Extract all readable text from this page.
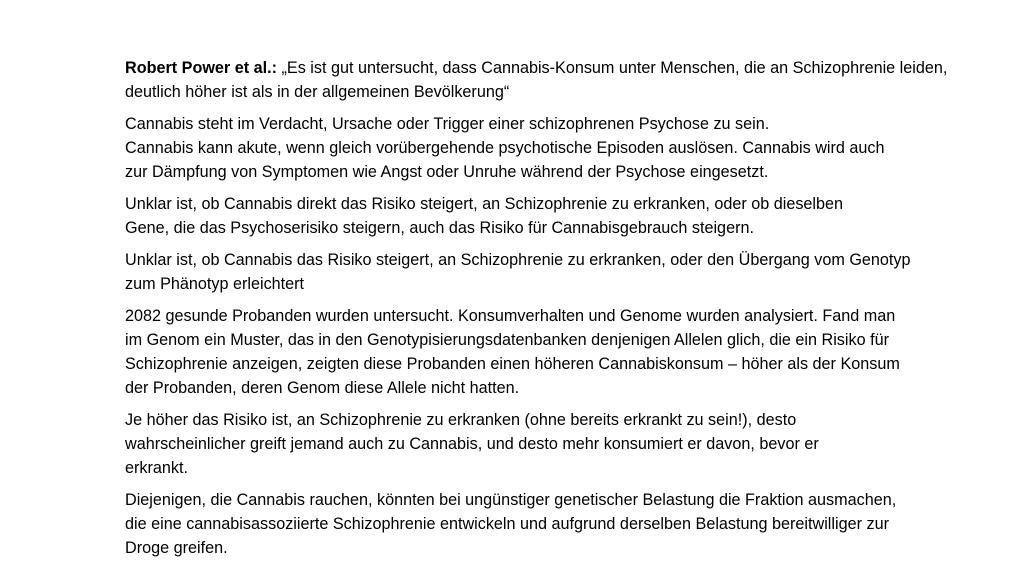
Robert Power et al.: „Es ist gut untersucht, dass Cannabis-Konsum unter Menschen, die an Schizophrenie leiden,
deutlich höher ist als in der allgemeinen Bevölkerung“

Cannabis steht im Verdacht, Ursache oder Trigger einer schizophrenen Psychose zu sein.
Cannabis kann akute, wenn gleich vorübergehende psychotische Episoden auslösen. Cannabis wird auch
zur Dämpfung von Symptomen wie Angst oder Unruhe während der Psychose eingesetzt.

Unklar ist, ob Cannabis direkt das Risiko steigert, an Schizophrenie zu erkranken, oder ob dieselben
Gene, die das Psychoserisiko steigern, auch das Risiko für Cannabisgebrauch steigern.

Unklar ist, ob Cannabis das Risiko steigert, an Schizophrenie zu erkranken, oder den Übergang vom Genotyp
zum Phänotyp erleichtert

2082 gesunde Probanden wurden untersucht. Konsumverhalten und Genome wurden analysiert. Fand man
im Genom ein Muster, das in den Genotypisierungsdatenbanken denjenigen Allelen glich, die ein Risiko für
Schizophrenie anzeigen, zeigten diese Probanden einen höheren Cannabiskonsum – höher als der Konsum
der Probanden, deren Genom diese Allele nicht hatten.

Je höher das Risiko ist, an Schizophrenie zu erkranken (ohne bereits erkrankt zu sein!), desto
wahrscheinlicher greift jemand auch zu Cannabis, und desto mehr konsumiert er davon, bevor er
erkrankt.

Diejenigen, die Cannabis rauchen, könnten bei ungünstiger genetischer Belastung die Fraktion ausmachen,
die eine cannabisassoziierte Schizophrenie entwickeln und aufgrund derselben Belastung bereitwilliger zur
Droge greifen.
